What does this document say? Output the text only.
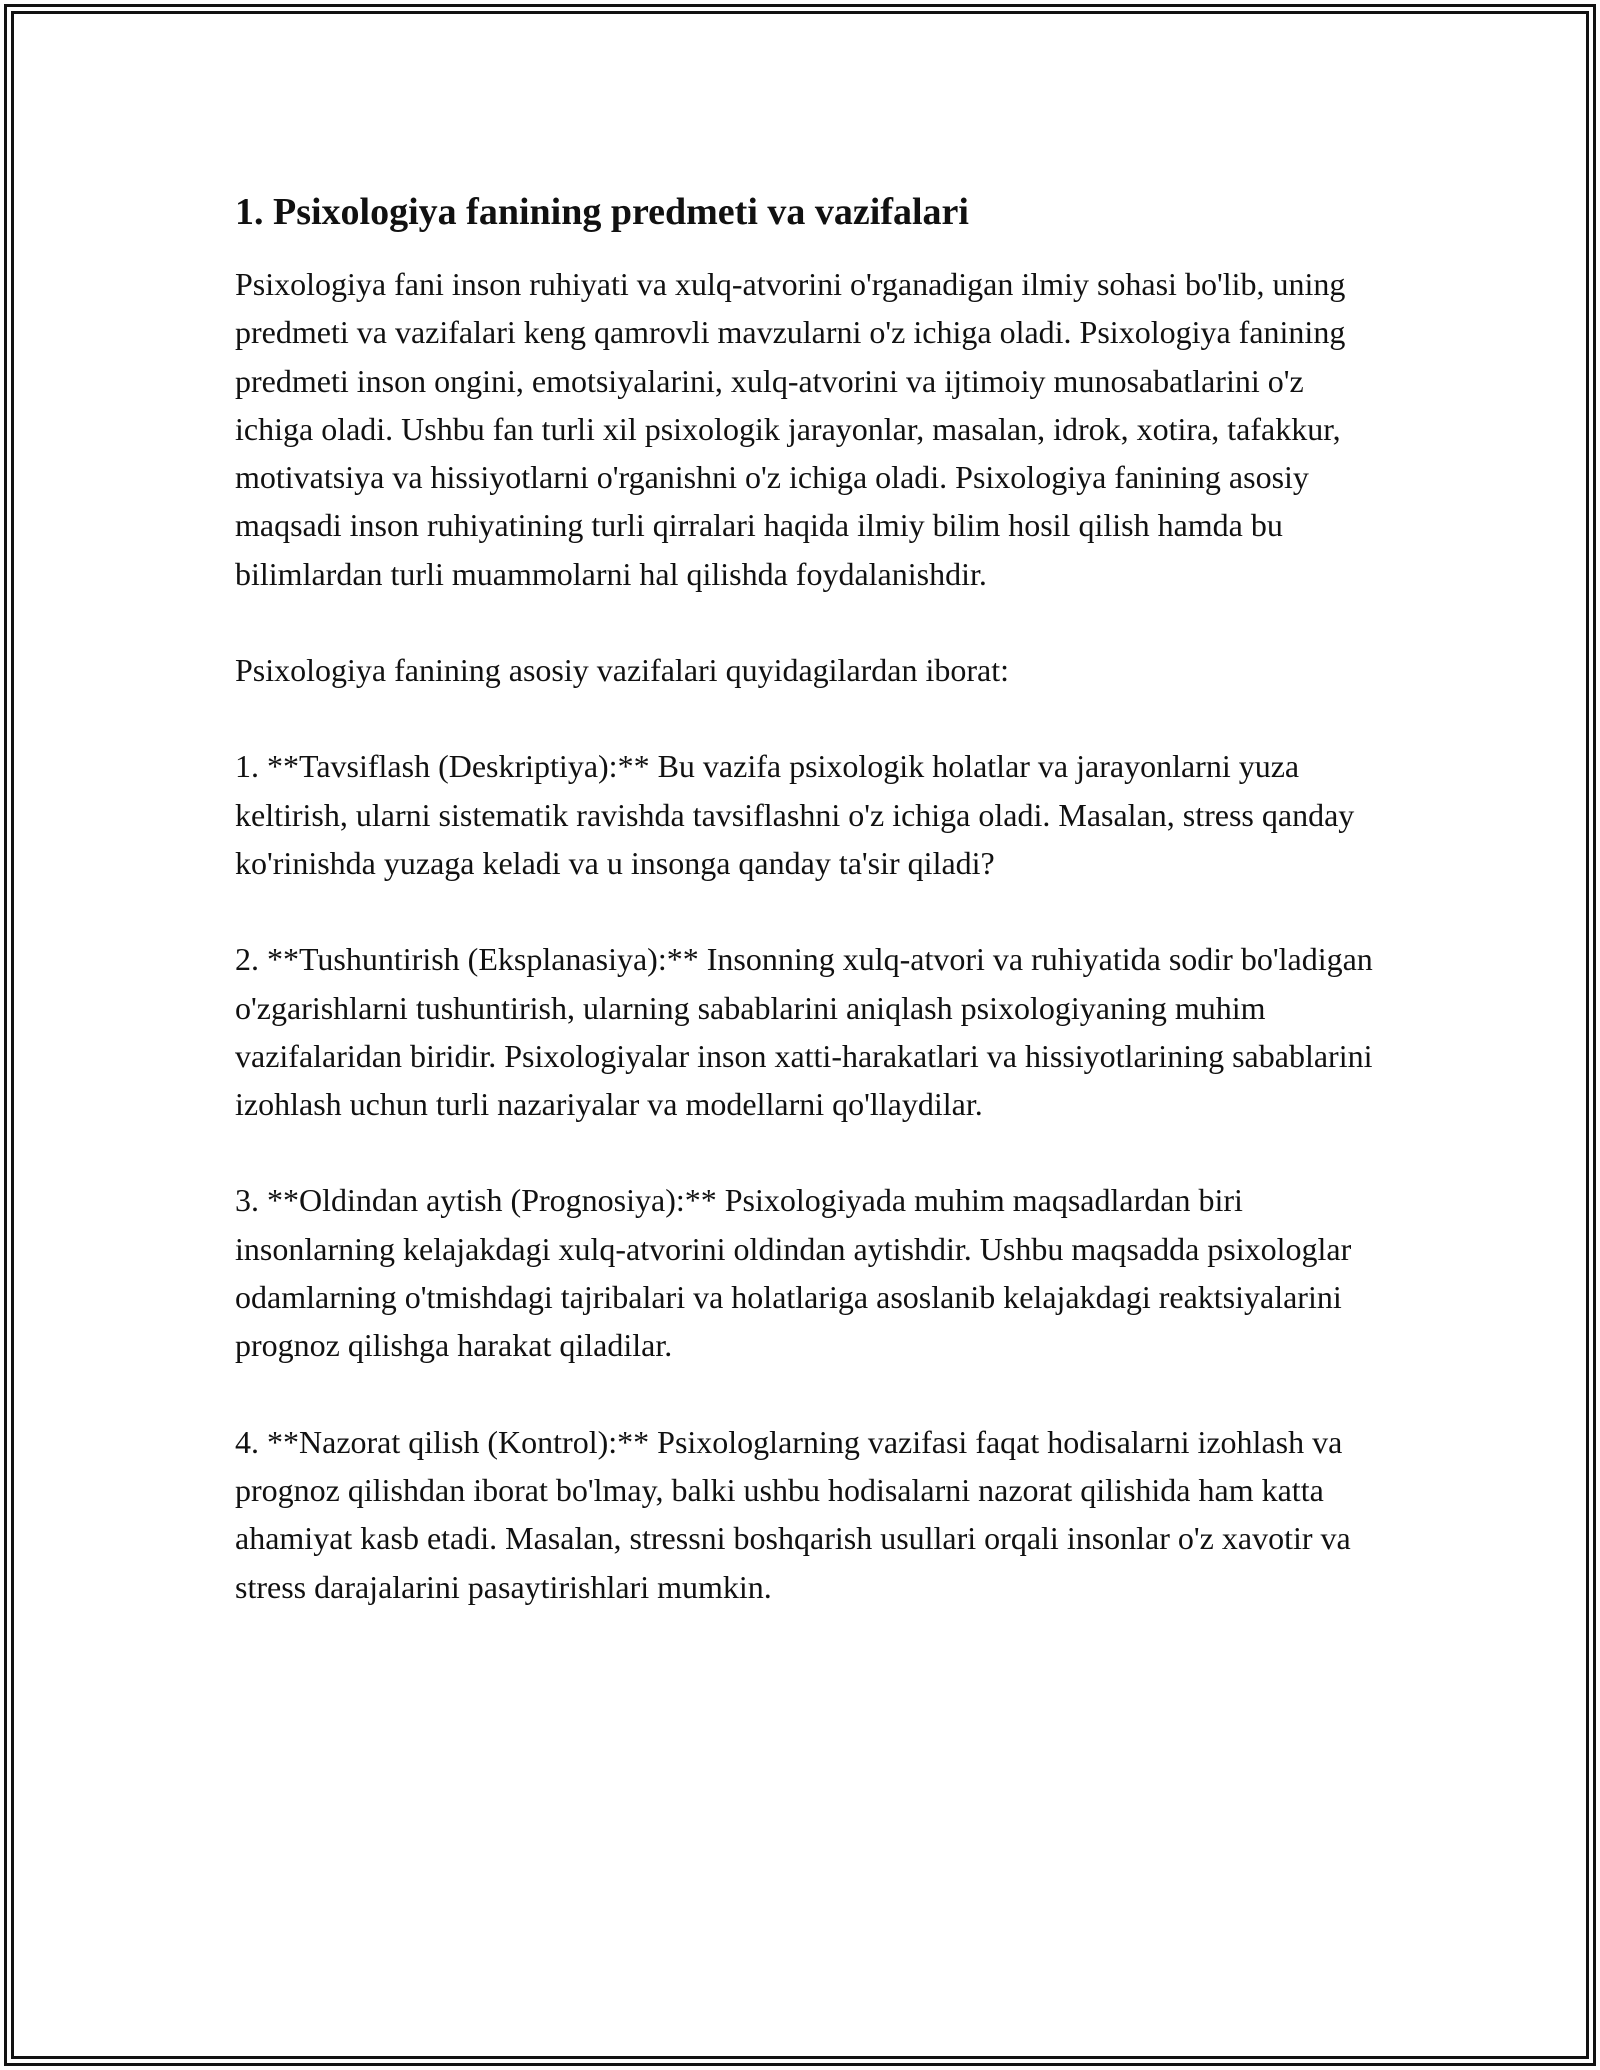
1. Psixologiya fanining predmeti va vazifalari

Psixologiya fani inson ruhiyati va xulq-atvorini o'rganadigan ilmiy sohasi bo'lib, uning predmeti va vazifalari keng qamrovli mavzularni o'z ichiga oladi. Psixologiya fanining predmeti inson ongini, emotsiyalarini, xulq-atvorini va ijtimoiy munosabatlarini o'z ichiga oladi. Ushbu fan turli xil psixologik jarayonlar, masalan, idrok, xotira, tafakkur, motivatsiya va hissiyotlarni o'rganishni o'z ichiga oladi. Psixologiya fanining asosiy maqsadi inson ruhiyatining turli qirralari haqida ilmiy bilim hosil qilish hamda bu bilimlardan turli muammolarni hal qilishda foydalanishdir.

Psixologiya fanining asosiy vazifalari quyidagilardan iborat:

1. **Tavsiflash (Deskriptiya):** Bu vazifa psixologik holatlar va jarayonlarni yuza keltirish, ularni sistematik ravishda tavsiflashni o'z ichiga oladi. Masalan, stress qanday ko'rinishda yuzaga keladi va u insonga qanday ta'sir qiladi?

2. **Tushuntirish (Eksplanasiya):** Insonning xulq-atvori va ruhiyatida sodir bo'ladigan o'zgarishlarni tushuntirish, ularning sabablarini aniqlash psixologiyaning muhim vazifalaridan biridir. Psixologiyalar inson xatti-harakatlari va hissiyotlarining sabablarini izohlash uchun turli nazariyalar va modellarni qo'llaydilar.

3. **Oldindan aytish (Prognosiya):** Psixologiyada muhim maqsadlardan biri insonlarning kelajakdagi xulq-atvorini oldindan aytishdir. Ushbu maqsadda psixologlar odamlarning o'tmishdagi tajribalari va holatlariga asoslanib kelajakdagi reaktsiyalarini prognoz qilishga harakat qiladilar.

4. **Nazorat qilish (Kontrol):** Psixologlarning vazifasi faqat hodisalarni izohlash va prognoz qilishdan iborat bo'lmay, balki ushbu hodisalarni nazorat qilishida ham katta ahamiyat kasb etadi. Masalan, stressni boshqarish usullari orqali insonlar o'z xavotir va stress darajalarini pasaytirishlari mumkin.
